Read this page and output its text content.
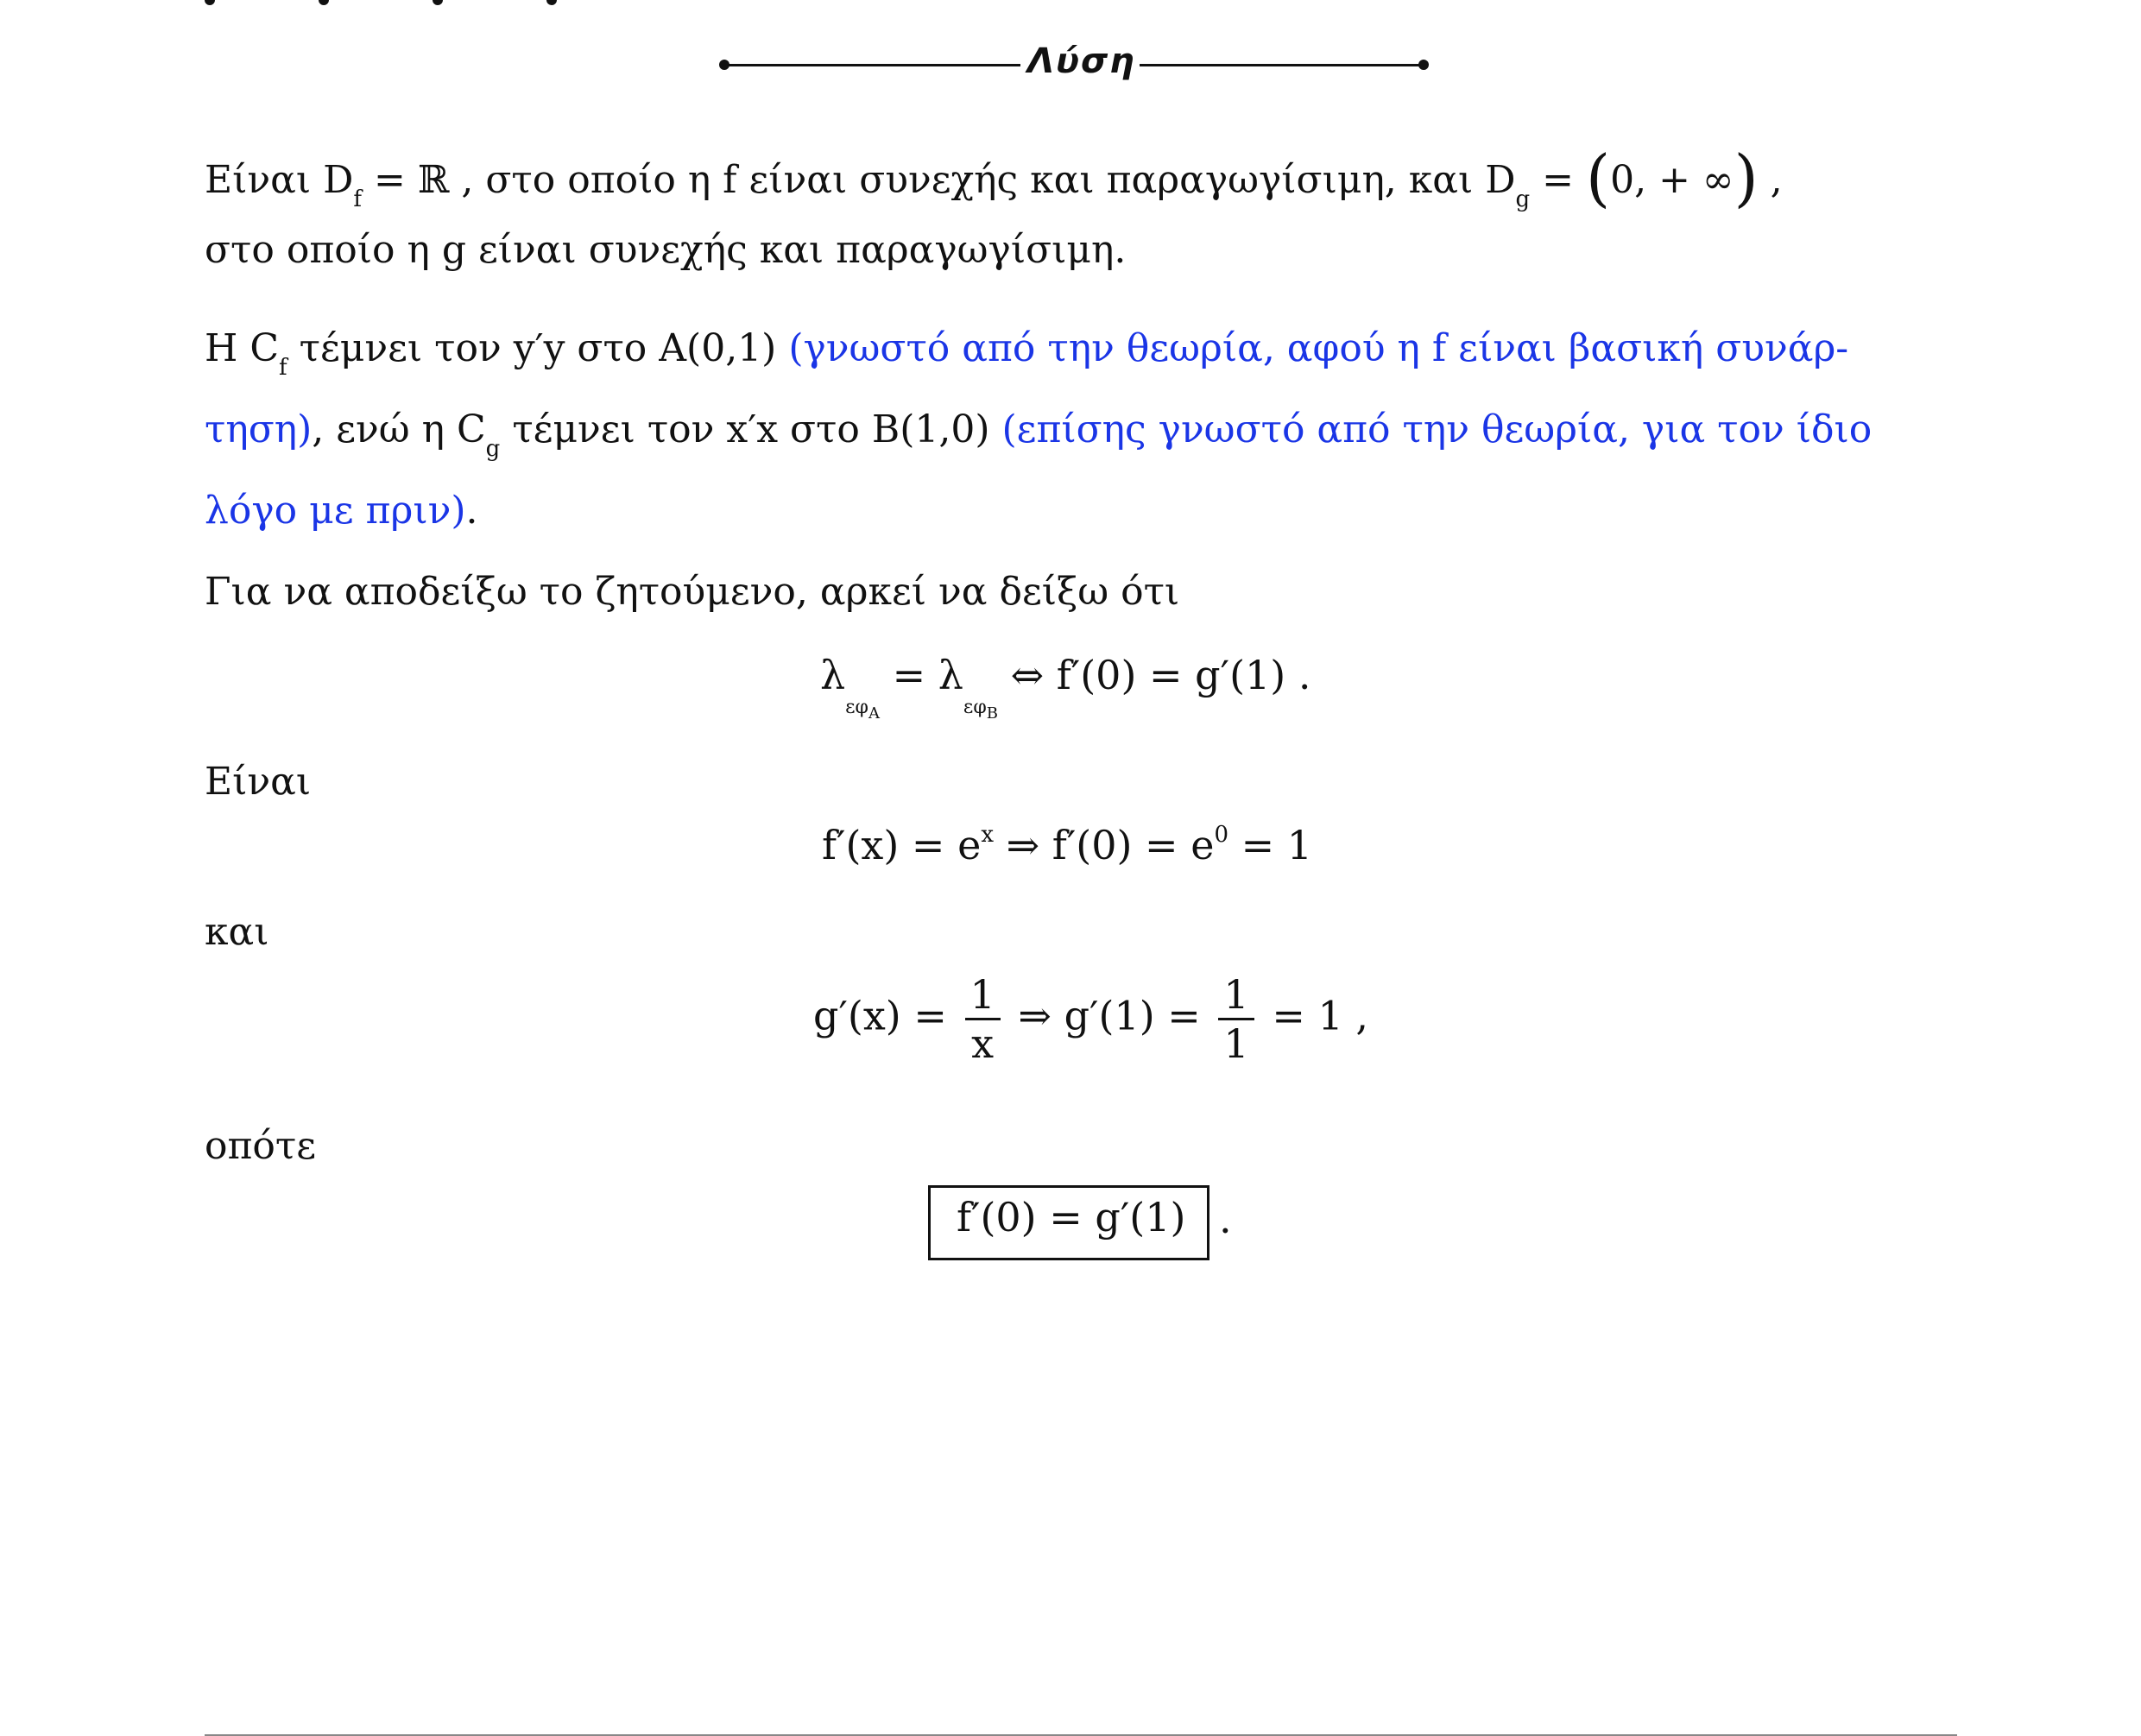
Λύση
Είναι $D_f$ = ℝ , στο οποίο η f είναι συνεχής και παραγωγίσιμη, και $D_g = (0$, + ∞) ,
στο οποίο η g είναι συνεχής και παραγωγίσιμη.
Η $C_f$ τέμνει τον y′y στο A(0,1) (γνωστό από την θεωρία, αφού η f είναι βασική συνάρ-
τηση), ενώ η $C_g$ τέμνει τον x′x στο B(1,0) (επίσης γνωστό από την θεωρία, για τον ίδιο
λόγο με πριν).
Για να αποδείξω το ζητούμενο, αρκεί να δείξω ότι
$\lambda_{\varepsilon\varphi_A} = \lambda_{\varepsilon\varphi_B}$ ⇔ f′(0) = g′(1) .
Είναι
$f'(x) = e^x$ ⇒ $f'(0) = e^0 = 1$
και
$g'(x) = \frac{1}{x}$ ⇒ $g'(1) = \frac{1}{1} = 1$ ,
οπότε
f′(0) = g′(1) .
